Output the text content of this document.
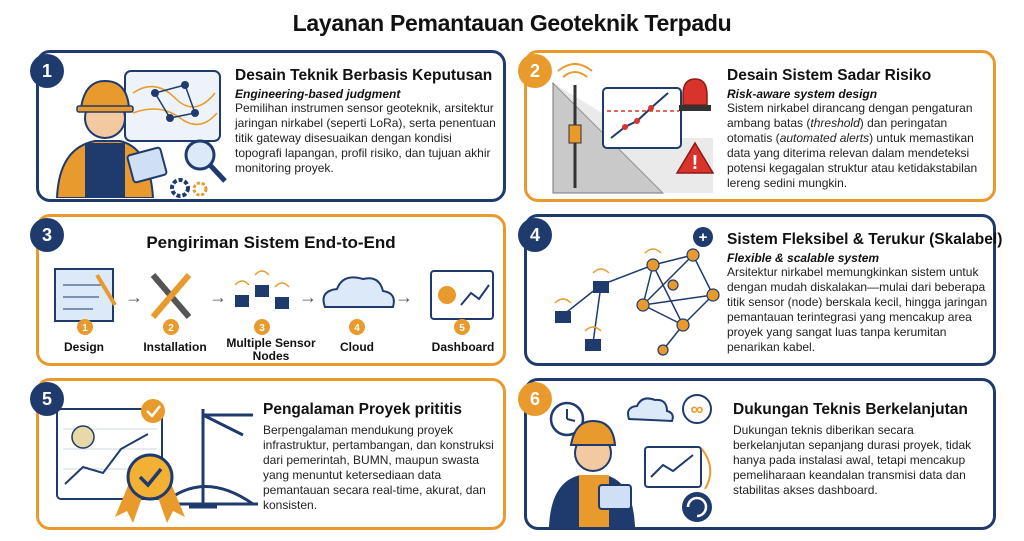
Layanan Pemantauan Geoteknik Terpadu
1	Desain Teknik Berbasis Keputusan
Engineering-based judgment
Pemilihan instrumen sensor geoteknik, arsitektur jaringan nirkabel (seperti LoRa), serta penentuan titik gateway disesuaikan dengan kondisi topografi lapangan, profil risiko, dan tujuan akhir monitoring proyek.
2
!
Desain Sistem Sadar Risiko
Risk-aware system design
Sistem nirkabel dirancang dengan pengaturan ambang batas (threshold) dan peringatan otomatis (automated alerts) untuk memastikan data yang diterima relevan dalam mendeteksi potensi kegagalan struktur atau ketidakstabilan lereng sedini mungkin.
3	Pengiriman Sistem End-to-End
1	2	3	4	5
→	→	→	→
Design	Installation	Multiple Sensor Nodes
Cloud	Dashboard
4	+ Sistem Fleksibel & Terukur (Skalabel)
Flexible & scalable system
Arsitektur nirkabel memungkinkan sistem untuk dengan mudah diskalakan—mulai dari beberapa titik sensor (node) berskala kecil, hingga jaringan pemantauan terintegrasi yang mencakup area proyek yang sangat luas tanpa kerumitan penarikan kabel.
5
Pengalaman Proyek prititis
Berpengalaman mendukung proyek infrastruktur, pertambangan, dan konstruksi dari pemerintah, BUMN, maupun swasta yang menuntut ketersediaan data pemantauan secara real-time, akurat, dan konsisten.
6
∞ Dukungan Teknis Berkelanjutan
Dukungan teknis diberikan secara berkelanjutan sepanjang durasi proyek, tidak hanya pada instalasi awal, tetapi mencakup pemeliharaan keandalan transmisi data dan stabilitas akses dashboard.
